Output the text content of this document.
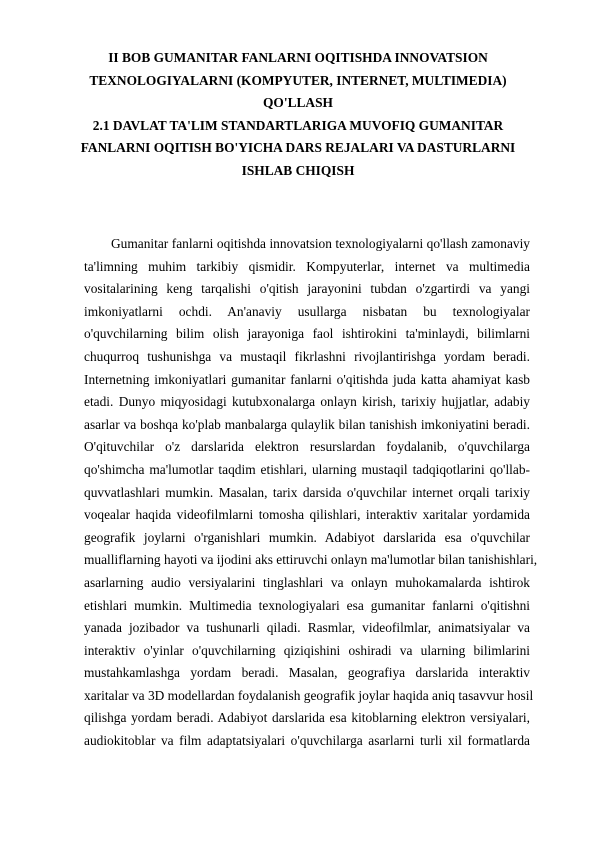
II BOB GUMANITAR FANLARNI OQITISHDA INNOVATSION
TEXNOLOGIYALARNI (KOMPYUTER, INTERNET, MULTIMEDIA)
QO'LLASH
2.1 DAVLAT TA'LIM STANDARTLARIGA MUVOFIQ GUMANITAR
FANLARNI OQITISH BO'YICHA DARS REJALARI VA DASTURLARNI
ISHLAB CHIQISH
Gumanitar fanlarni oqitishda innovatsion texnologiyalarni qo'llash zamonaviy
ta'limning muhim tarkibiy qismidir. Kompyuterlar, internet va multimedia
vositalarining keng tarqalishi o'qitish jarayonini tubdan o'zgartirdi va yangi
imkoniyatlarni ochdi. An'anaviy usullarga nisbatan bu texnologiyalar
o'quvchilarning bilim olish jarayoniga faol ishtirokini ta'minlaydi, bilimlarni
chuqurroq tushunishga va mustaqil fikrlashni rivojlantirishga yordam beradi.
Internetning imkoniyatlari gumanitar fanlarni o'qitishda juda katta ahamiyat kasb
etadi. Dunyo miqyosidagi kutubxonalarga onlayn kirish, tarixiy hujjatlar, adabiy
asarlar va boshqa ko'plab manbalarga qulaylik bilan tanishish imkoniyatini beradi.
O'qituvchilar o'z darslarida elektron resurslardan foydalanib, o'quvchilarga
qo'shimcha ma'lumotlar taqdim etishlari, ularning mustaqil tadqiqotlarini qo'llab-
quvvatlashlari mumkin. Masalan, tarix darsida o'quvchilar internet orqali tarixiy
voqealar haqida videofilmlarni tomosha qilishlari, interaktiv xaritalar yordamida
geografik joylarni o'rganishlari mumkin. Adabiyot darslarida esa o'quvchilar
mualliflarning hayoti va ijodini aks ettiruvchi onlayn ma'lumotlar bilan tanishishlari,
asarlarning audio versiyalarini tinglashlari va onlayn muhokamalarda ishtirok
etishlari mumkin. Multimedia texnologiyalari esa gumanitar fanlarni o'qitishni
yanada jozibador va tushunarli qiladi. Rasmlar, videofilmlar, animatsiyalar va
interaktiv o'yinlar o'quvchilarning qiziqishini oshiradi va ularning bilimlarini
mustahkamlashga yordam beradi. Masalan, geografiya darslarida interaktiv
xaritalar va 3D modellardan foydalanish geografik joylar haqida aniq tasavvur hosil
qilishga yordam beradi. Adabiyot darslarida esa kitoblarning elektron versiyalari,
audiokitoblar va film adaptatsiyalari o'quvchilarga asarlarni turli xil formatlarda
